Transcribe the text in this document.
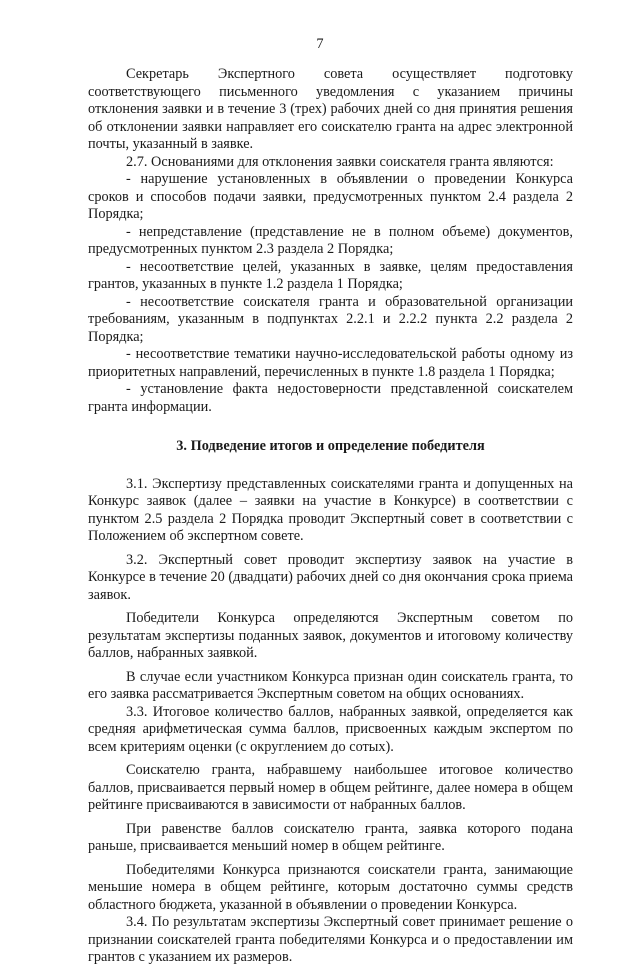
7

Секретарь Экспертного совета осуществляет подготовку соответствующего письменного уведомления с указанием причины отклонения заявки и в течение 3 (трех) рабочих дней со дня принятия решения об отклонении заявки направляет его соискателю гранта на адрес электронной почты, указанный в заявке.

2.7. Основаниями для отклонения заявки соискателя гранта являются:

- нарушение установленных в объявлении о проведении Конкурса сроков и способов подачи заявки, предусмотренных пунктом 2.4 раздела 2 Порядка;

- непредставление (представление не в полном объеме) документов, предусмотренных пунктом 2.3 раздела 2 Порядка;

- несоответствие целей, указанных в заявке, целям предоставления грантов, указанных в пункте 1.2 раздела 1 Порядка;

- несоответствие соискателя гранта и образовательной организации требованиям, указанным в подпунктах 2.2.1 и 2.2.2 пункта 2.2 раздела 2 Порядка;

- несоответствие тематики научно-исследовательской работы одному из приоритетных направлений, перечисленных в пункте 1.8 раздела 1 Порядка;

- установление факта недостоверности представленной соискателем гранта информации.

3. Подведение итогов и определение победителя

3.1. Экспертизу представленных соискателями гранта и допущенных на Конкурс заявок (далее – заявки на участие в Конкурсе) в соответствии с пунктом 2.5 раздела 2 Порядка проводит Экспертный совет в соответствии с Положением об экспертном совете.

3.2. Экспертный совет проводит экспертизу заявок на участие в Конкурсе в течение 20 (двадцати) рабочих дней со дня окончания срока приема заявок.

Победители Конкурса определяются Экспертным советом по результатам экспертизы поданных заявок, документов и итоговому количеству баллов, набранных заявкой.

В случае если участником Конкурса признан один соискатель гранта, то его заявка рассматривается Экспертным советом на общих основаниях.

3.3. Итоговое количество баллов, набранных заявкой, определяется как средняя арифметическая сумма баллов, присвоенных каждым экспертом по всем критериям оценки (с округлением до сотых).

Соискателю гранта, набравшему наибольшее итоговое количество баллов, присваивается первый номер в общем рейтинге, далее номера в общем рейтинге присваиваются в зависимости от набранных баллов.

При равенстве баллов соискателю гранта, заявка которого подана раньше, присваивается меньший номер в общем рейтинге.

Победителями Конкурса признаются соискатели гранта, занимающие меньшие номера в общем рейтинге, которым достаточно суммы средств областного бюджета, указанной в объявлении о проведении Конкурса.

3.4. По результатам экспертизы Экспертный совет принимает решение о признании соискателей гранта победителями Конкурса и о предоставлении им грантов с указанием их размеров.
